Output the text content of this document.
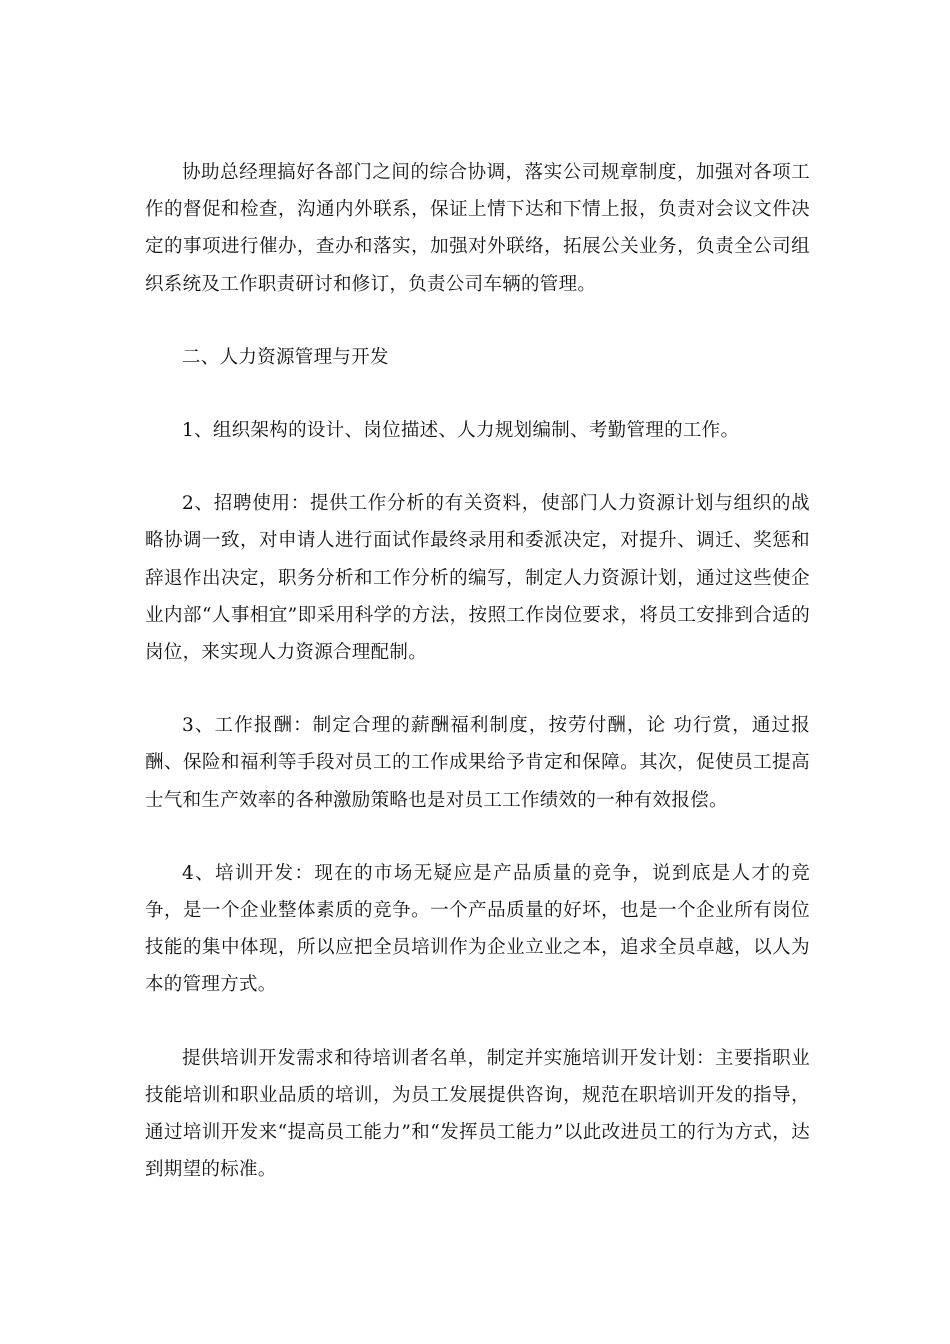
协助总经理搞好各部门之间的综合协调，落实公司规章制度，加强对各项工作的督促和检查，沟通内外联系，保证上情下达和下情上报，负责对会议文件决定的事项进行催办，查办和落实，加强对外联络，拓展公关业务，负责全公司组织系统及工作职责研讨和修订，负责公司车辆的管理。

二、人力资源管理与开发

1、组织架构的设计、岗位描述、人力规划编制、考勤管理的工作。

2、招聘使用：提供工作分析的有关资料，使部门人力资源计划与组织的战略协调一致，对申请人进行面试作最终录用和委派决定，对提升、调迁、奖惩和辞退作出决定，职务分析和工作分析的编写，制定人力资源计划，通过这些使企业内部“人事相宜”即采用科学的方法，按照工作岗位要求，将员工安排到合适的岗位，来实现人力资源合理配制。

3、工作报酬：制定合理的薪酬福利制度，按劳付酬，论 功行赏，通过报酬、保险和福利等手段对员工的工作成果给予肯定和保障。其次，促使员工提高士气和生产效率的各种激励策略也是对员工工作绩效的一种有效报偿。

4、培训开发：现在的市场无疑应是产品质量的竞争，说到底是人才的竞争，是一个企业整体素质的竞争。一个产品质量的好坏，也是一个企业所有岗位技能的集中体现，所以应把全员培训作为企业立业之本，追求全员卓越，以人为本的管理方式。

提供培训开发需求和待培训者名单，制定并实施培训开发计划：主要指职业技能培训和职业品质的培训，为员工发展提供咨询，规范在职培训开发的指导，通过培训开发来“提高员工能力”和“发挥员工能力”以此改进员工的行为方式，达到期望的标准。
